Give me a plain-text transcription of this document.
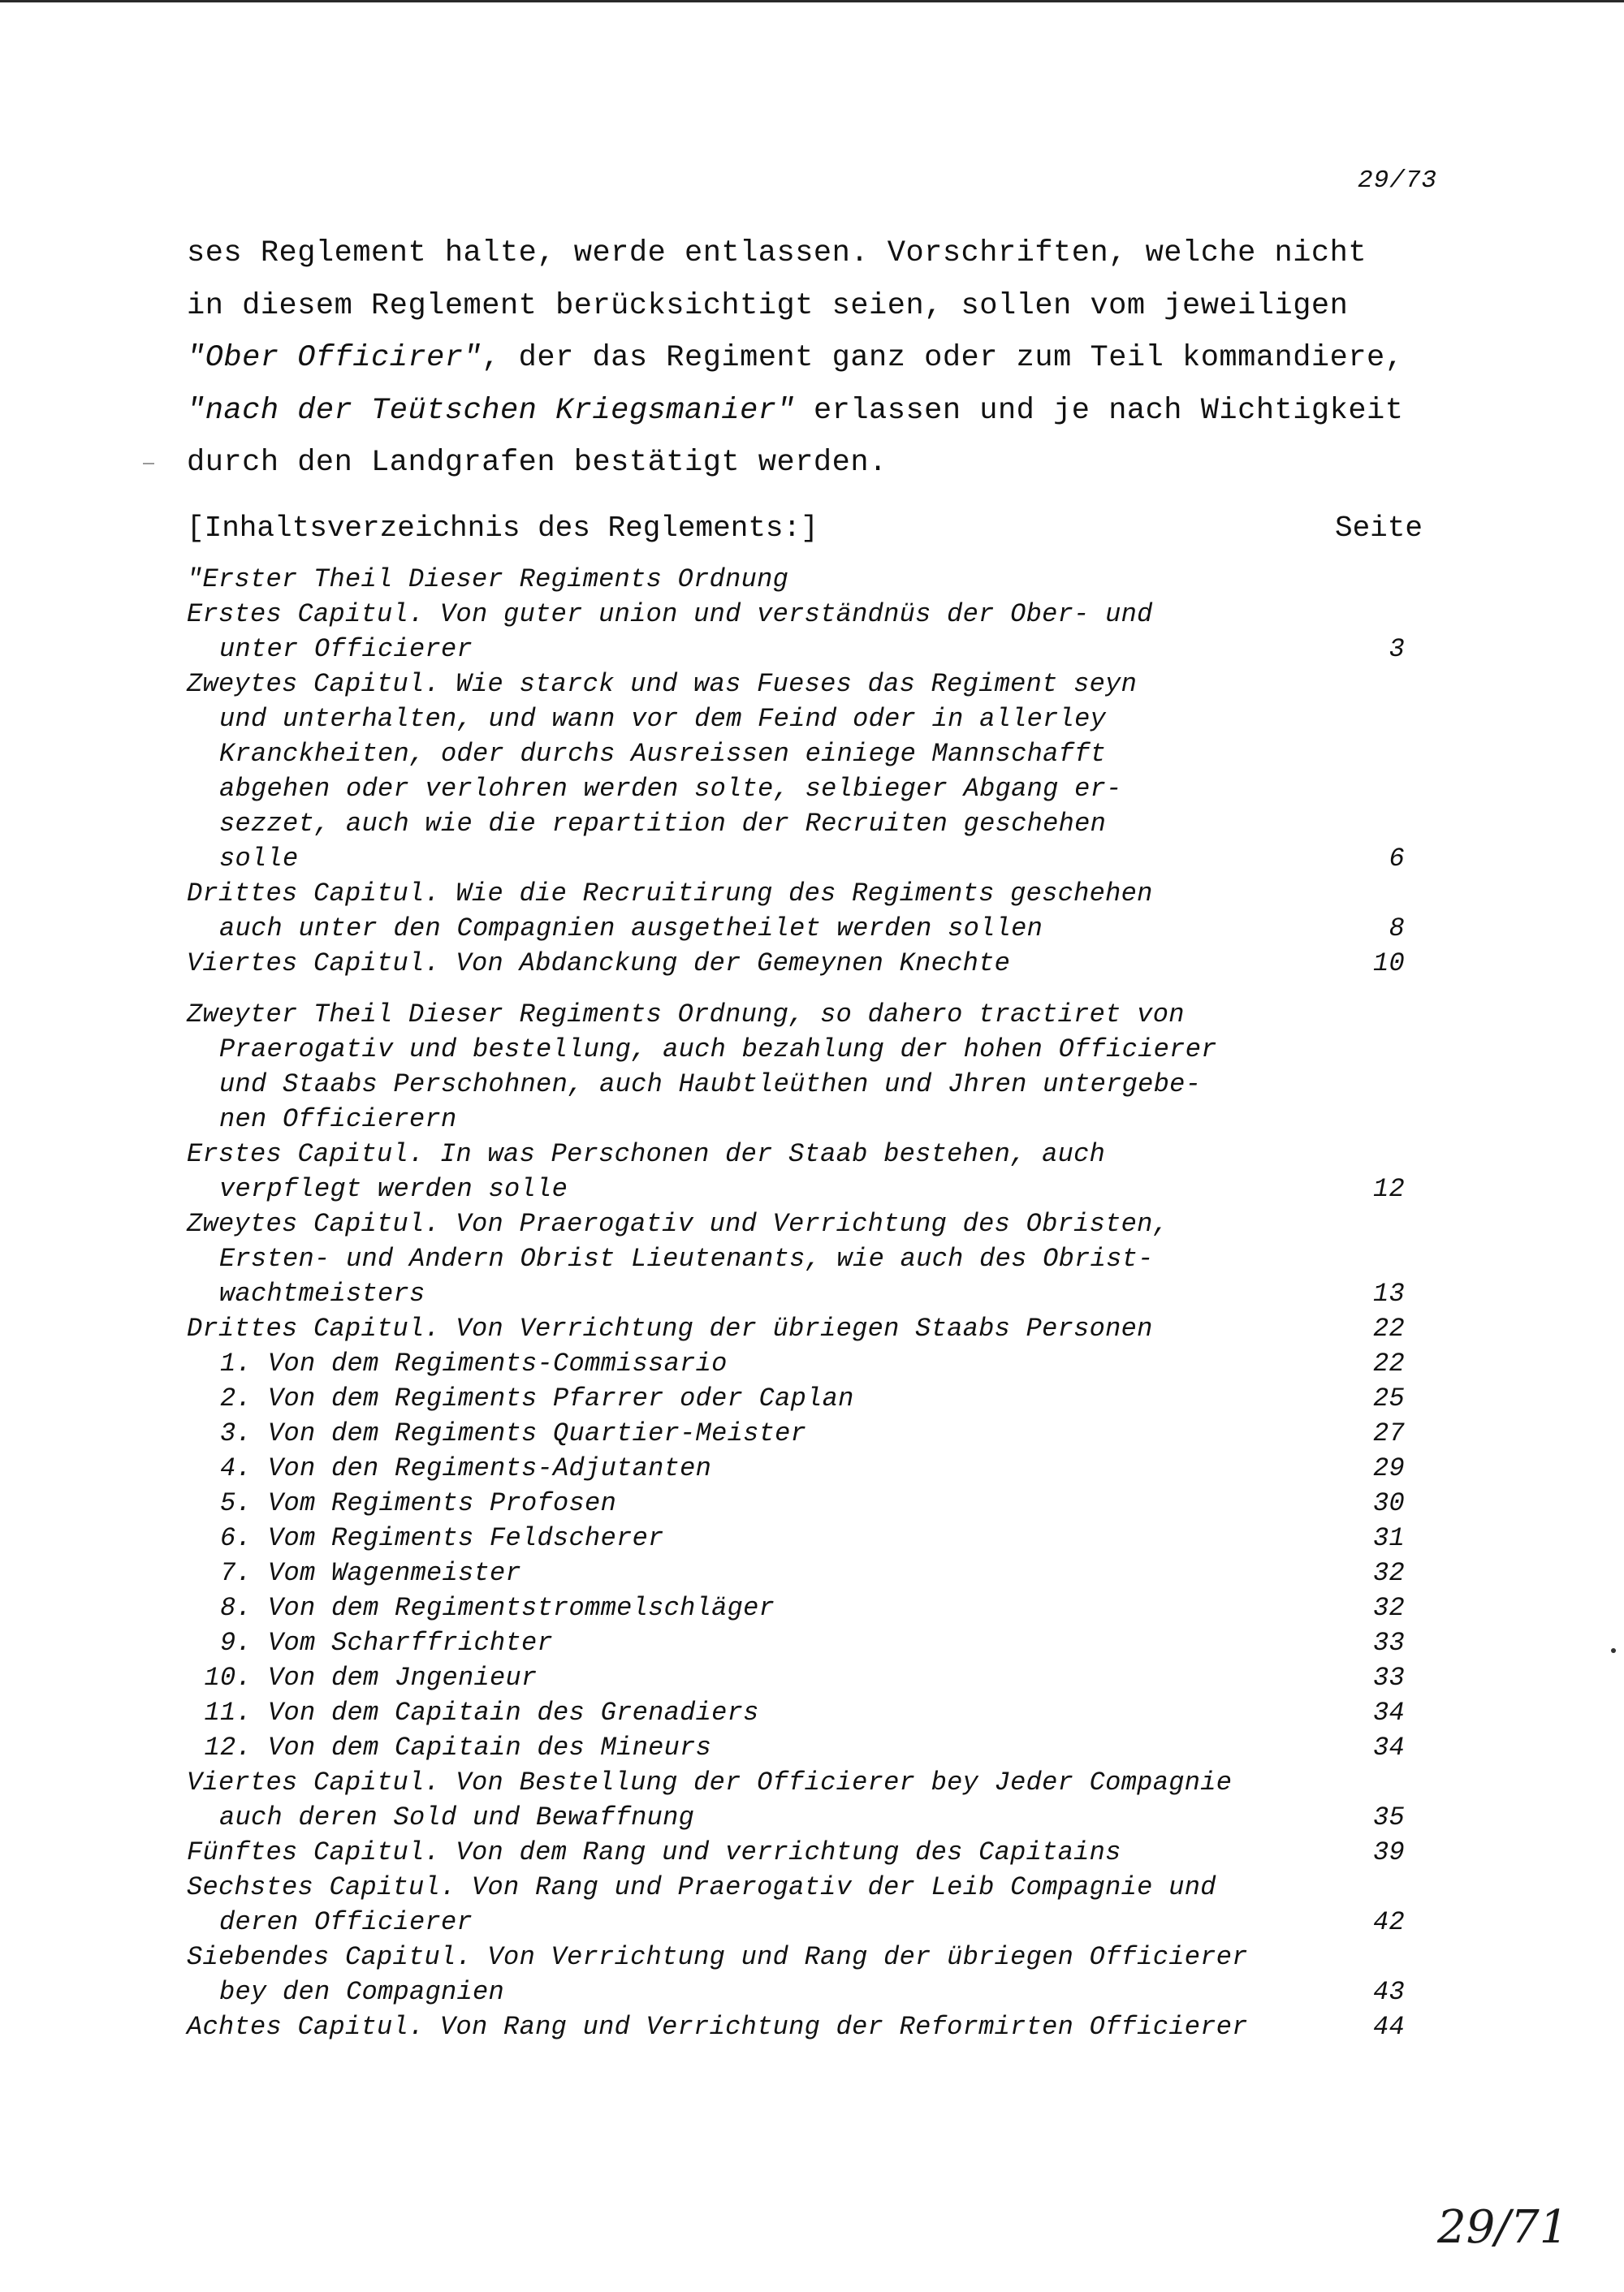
29/73
ses Reglement halte, werde entlassen. Vorschriften, welche nicht
in diesem Reglement berücksichtigt seien, sollen vom jeweiligen
"Ober Officirer", der das Regiment ganz oder zum Teil kommandiere,
"nach der Teütschen Kriegsmanier" erlassen und je nach Wichtigkeit
durch den Landgrafen bestätigt werden.
[Inhaltsverzeichnis des Reglements:]	Seite
"Erster Theil Dieser Regiments Ordnung
Erstes Capitul. Von guter union und verständnüs der Ober- und
unter Officierer	3
Zweytes Capitul. Wie starck und was Fueses das Regiment seyn
und unterhalten, und wann vor dem Feind oder in allerley
Kranckheiten, oder durchs Ausreissen einiege Mannschafft
abgehen oder verlohren werden solte, selbieger Abgang er-
sezzet, auch wie die repartition der Recruiten geschehen
solle	6
Drittes Capitul. Wie die Recruitirung des Regiments geschehen
auch unter den Compagnien ausgetheilet werden sollen	8
Viertes Capitul. Von Abdanckung der Gemeynen Knechte	10
Zweyter Theil Dieser Regiments Ordnung, so dahero tractiret von
Praerogativ und bestellung, auch bezahlung der hohen Officierer
und Staabs Perschohnen, auch Haubtleüthen und Jhren untergebe-
nen Officierern
Erstes Capitul. In was Perschonen der Staab bestehen, auch
verpflegt werden solle	12
Zweytes Capitul. Von Praerogativ und Verrichtung des Obristen,
Ersten- und Andern Obrist Lieutenants, wie auch des Obrist-
wachtmeisters	13
Drittes Capitul. Von Verrichtung der übriegen Staabs Personen	22
1. Von dem Regiments-Commissario	22
2. Von dem Regiments Pfarrer oder Caplan	25
3. Von dem Regiments Quartier-Meister	27
4. Von den Regiments-Adjutanten	29
5. Vom Regiments Profosen	30
6. Vom Regiments Feldscherer	31
7. Vom Wagenmeister	32
8. Von dem Regimentstrommelschläger	32
9. Vom Scharffrichter	33
10. Von dem Jngenieur	33
11. Von dem Capitain des Grenadiers	34
12. Von dem Capitain des Mineurs	34
Viertes Capitul. Von Bestellung der Officierer bey Jeder Compagnie
auch deren Sold und Bewaffnung	35
Fünftes Capitul. Von dem Rang und verrichtung des Capitains	39
Sechstes Capitul. Von Rang und Praerogativ der Leib Compagnie und
deren Officierer	42
Siebendes Capitul. Von Verrichtung und Rang der übriegen Officierer
bey den Compagnien	43
Achtes Capitul. Von Rang und Verrichtung der Reformirten Officierer	44
29/71
